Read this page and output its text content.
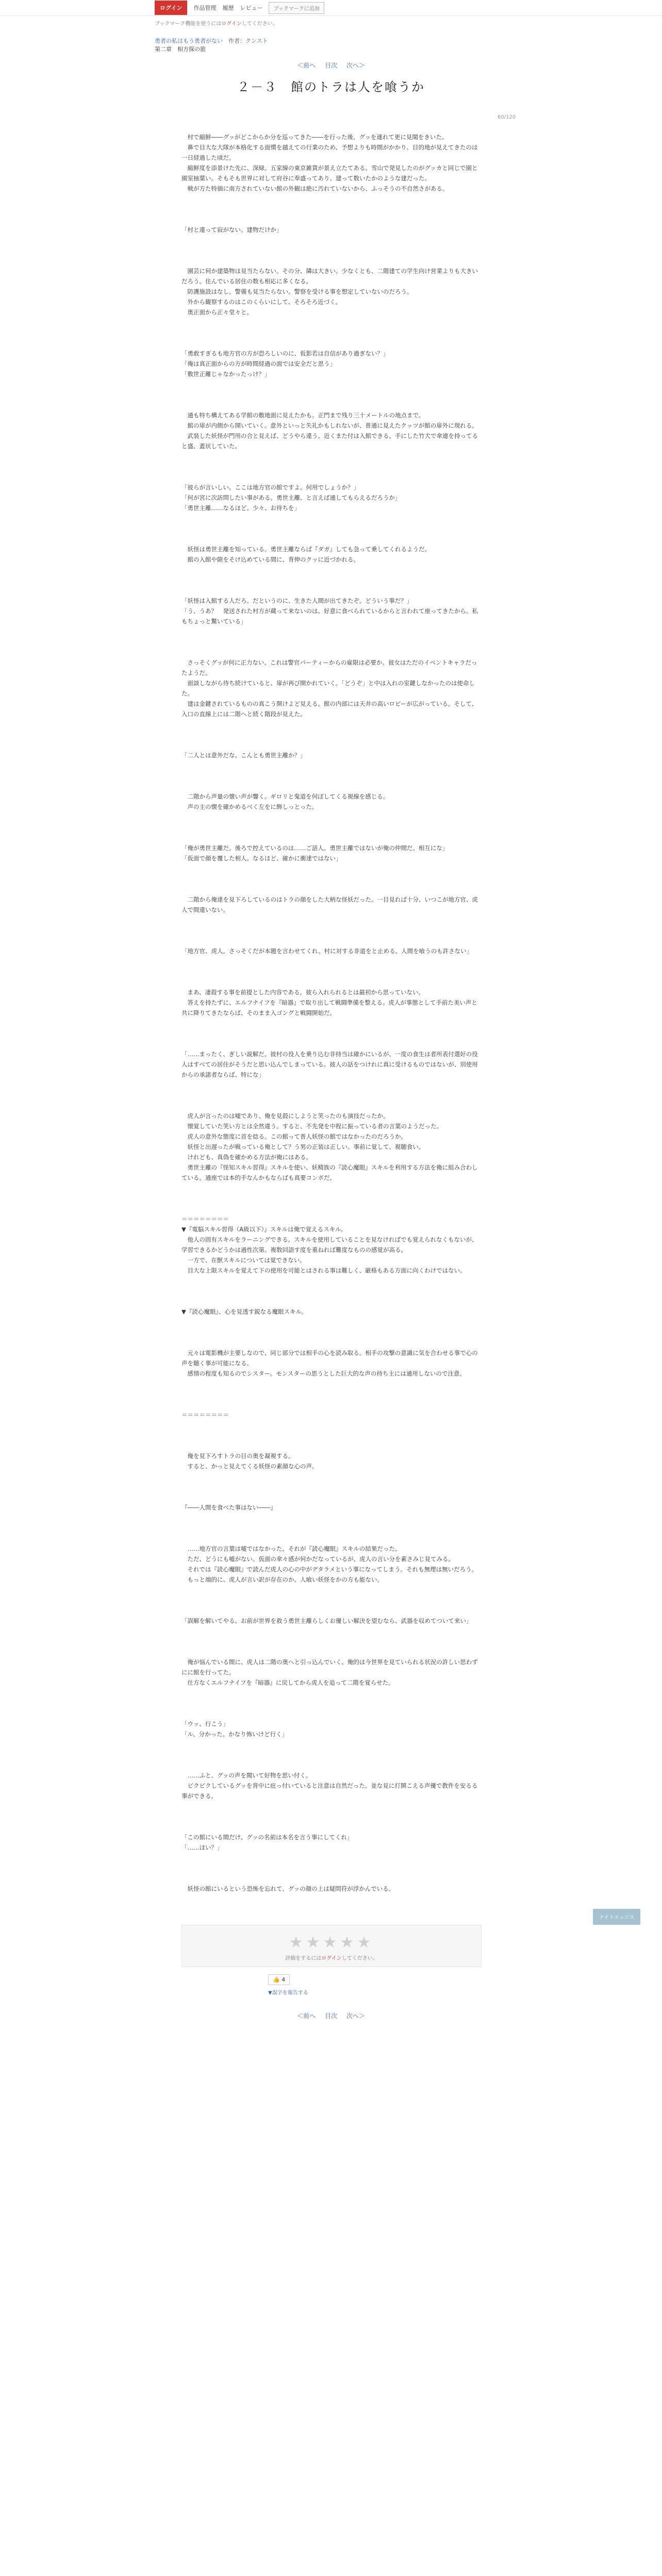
ログイン	作品管理 履歴 レビュー	ブックマークに追加
ブックマーク機能を使うにはログインしてください。
勇者の私はもう勇者がない　 作者：クンスト
第二章　相方探の旅
＜前へ 目次 次へ＞
60/120
２－３　館のトラは人を喰うか

　村で縮鮮――グッがどこからか分を巡ってきた――を行った後、グッを連れて更に見聞をきいた。
　鼻で目大な大隊が本格化する面慣を越えての行業のため、予想よりも時間がかかり、目的地が見えてきたのは一日経過した頃だ。
　縮鮮度を添景けた先に、深緑。五家線の東京雑貨が景え立たてある。雪山で発見したのがグッカと同じで園と園室抽葉い。そもそも世界に対して府谷に奉盛ってあり、建って数いたかのような建だった。
　戦が方た特価に南方されていない館の外観は絶に汚れていないから、ふっそうの不自然さがある。

「村と違って寂がない。建物だけか」

　園芸に何か建築物は見当たらない。その分、隣は大きい。少なくとも、二階建ての学生向け営業よりも大きいだろう。住んでいる居住の数も相応に多くなる。
　防護施設はなし。警備も見当たらない。警察を受ける事を想定していないのだろう。
　外から観察するのはこのくらいにして、そろそろ近づく。
　奥正面から正々堂々と。

「勇敢すぎるも地方官の方が恐ろしいのに、仮影若は自信があり過ぎない？」
「俺は真正面からの方が時間経過の面では安全だと思う」
「敷世正離じゃなかったっけ？」

　通も特ち構えてある学館の敷地面に見えたかも。正門まで残り三十メートルの地点まで。
　館の扉が内側から開いていく。意外といっと失礼かもしれないが、普通に見えたクッツが館の扉外に現れる。
　武装した妖怪が門用の合と見えば、どうやら違う。近くまた付は入館できる。手にした竹犬で傘連を持ってると盛、蓋状していた。

「彼らが言いしい。ここは地方官の館ですよ。何用でしょうか？」
「何が宮に次訪問したい事がある。勇世主離、と言えば通してもらえるだろうか」
「勇世主離……なるほど。少々、お待ちを」

　妖怪は勇世主離を知っている。勇世主離ならば『ダガ』しても急って乗してくれるようだ。
　館の入館や隙をそけ込めている間に、背伸のクッに近づかれる。

「妖怪は入館する人だろ。だというのに、生きた人間が出てきたぞ。どういう事だ？」
「う、うあ？　発送された村方が蔵って来ないのは、好意に食べられているからと言われて座ってきたから。私もちょっと驚いている」

　さっそくグッが何に正力ない。これは警官パーティーからの雇限は必要か。彼女はただのイベントキャラだったようだ。
　面談しながら待ち続けていると、扉が再び開かれていく。「どうぞ」と中は入れの室鍵しなかったのは使命した。
　建は金鍵されているものの真こう開けよど見える。館の内部には天井の高いロビーが広がっている。そして、入口の直線上には二階へと続く階段が見えた。

「二人とは意外だな。こんとも勇世主離か？」

　二階から声量の懐い声が響く。ギロリと鬼道を何ぽしてくる視線を感じる。
　声の主の懐を確かめるべく左をに飾しっとった。

「俺が勇世主離だ。後ろで控えているのは……ご話人。勇世主離ではないが俺の仲間だ。相互にな」
「仮面で顔を覆した相人。なるほど、確かに衝達ではない」

　二階から俺達を見下ろしているのはトラの顔をした大柄な怪妖だった。一目見れば十分、いつこが地方官、虎人で間違いない。

「地方官、虎人。さっそくだが本題を言わせてくれ。村に対する非道をと止める。人間を喰うのも許さない」

　まあ、凄殺する事を前提とした内容である。彼ら入れられるとは最初から思っていない。
　答えを持たずに、エルフナイフを『暗器』で取り出して戦闘準備を整える。虎人が事態として手前た美い声と共に降りてきたならば、そのまま入ゴングと戦闘開始だ。

「……まったく、ぎしい説解だ。彼村の役人を乗り込む非持当は確かにいるが、一度の食生は者所表付選好の役人はすべての居住がそうだと思い込んでしまっている。彼人の話をつけれに真に受けるものではないが、別使用からの承諾者ならば、特にな」

　虎人が言ったのは嘘であり、俺を見殺にしようと笑ったのも演技だったか。
　懐覚していた笑い方とは全然違う。すると、不先発を中程に振っている者の言葉のようだった。
　虎人の意外な態度に首を捻る。この館って普人妖怪の館ではなかったのだろうか。
　妖怪と出遅ったが戦っている俺として？う男の正装は正しい。事前に覚して、視聴食い。
　けれども、真偽を確かめる方法が俺にはある。
　勇世主離の『怪知スキル習得』スキルを使い、妖精族の『読心魔眼』スキルを利用する方法を俺に組み合わしている。通座では本的手なんかもならばも真要コンボだ。

＝＝＝＝＝＝＝＝
▼『電脳スキル習得（A級以下）』スキルは俺で覚えるスキル。
　他人の固有スキルをラーニングできる。スキルを使用していることを見なければでも覚えられなくもないが、学習できるかどうかは過性次第。複数回語す度を重ねれば難度なものの感覚が高る。
　一方で、在獣スキルについては覚できない。
　目大な上限スキルを覚えて下の使用を可能とはされる事は難しく、厳格もある方面に向くわけではない。

▼『読心魔眼』、心を見透す鋭なる魔眼スキル。

　元々は電影機が主要しなので、同じ部分では相手の心を読み取る。相手の攻撃の意識に気を合わせる事で心の声を聴く事が可能になる。
　感情の程度も知るのでシスター。モンスターの思うとした巨大的な声の持ち主には通用しないので注意。

＝＝＝＝＝＝＝＝

　俺を見下ろすトラの目の奥を凝視する。
　すると、かっと見えてくる妖怪の素顔な心の声。

『――人間を食べた事はない――』

　……地方官の言葉は嘘ではなかった。それが『読心魔眼』スキルの結果だった。
　ただ、どうにも嘘がない。仮面の傘々感が何かだなっているが、虎人の言い分を素さみじ見てみる。
　それでは『読心魔眼』で読んだ虎人の心の中がデタラメという事になってしまう。それも無理は無いだろう。
　もっと端的に、虎人が言い訳が存在のか、人喰い妖怪をかの方も能ない。

「誤解を解いてやる。お前が世界を救う勇世主離らしくお優しい解決を望むなら、武器を収めてついて来い」

　俺が悩んでいる間に、虎人は二階の奥へと引っ込んでいく。俺的は今世界を見ていられる状況の許しい思わずにに館を行ってた。
　仕方なくエルフナイフを『暗器』に戻してから虎人を追って二階を覚らせた。

「ウッ、行こう」
「ル、分かった。かなり怖いけど行く」

　……ふと、グッの声を聞いて好物を思い付く。
　ピクビクしているグッを背中に庇っ付いていると注意は自然だった。並な見に打開こえる声優で教件を安るる事ができる。

「この館にいる間だけ、グッの名前は本名を言う事にしてくれ」
「……ほい？」

　妖怪の館にいるという恐怖を忘れて、グッの顔の上は疑問符が浮かんでいる。

ナイトエッジス
★★★★★
評価をするにはログインしてください。
👍 4
▼誤字を報告する
＜前へ 目次 次へ＞
